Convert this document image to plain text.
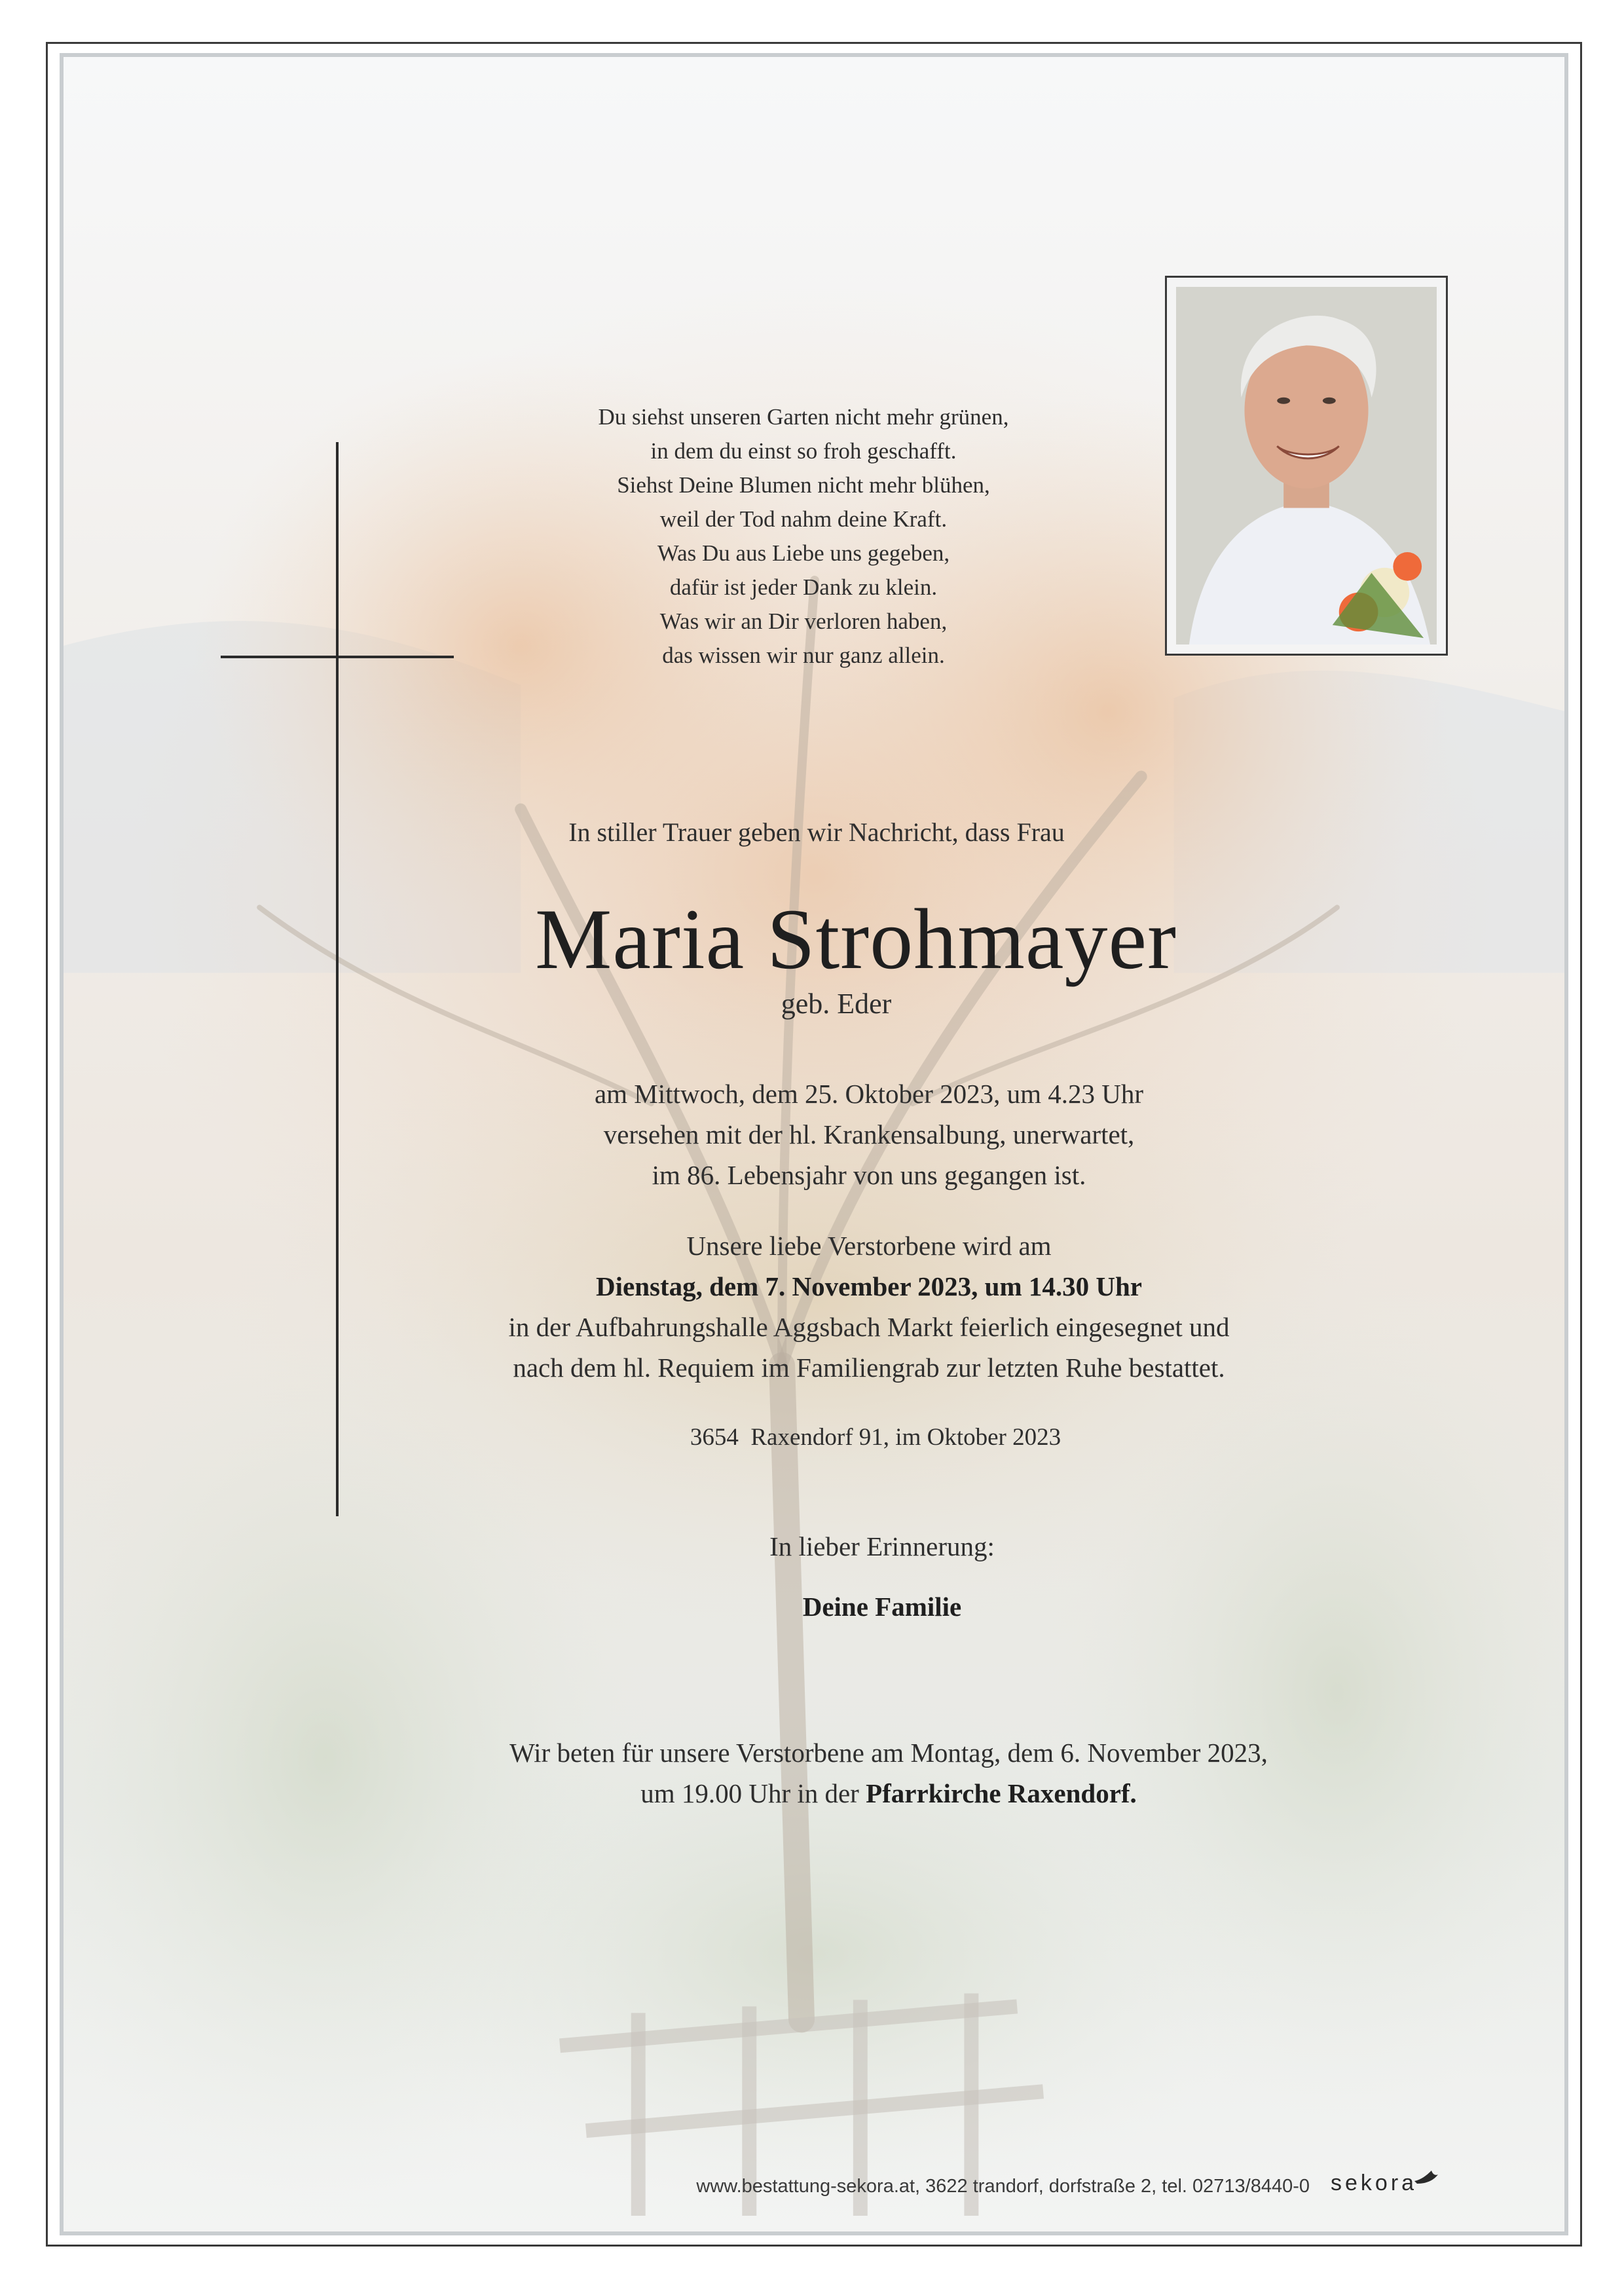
Du siehst unseren Garten nicht mehr grünen,
in dem du einst so froh geschafft.
Siehst Deine Blumen nicht mehr blühen,
weil der Tod nahm deine Kraft.
Was Du aus Liebe uns gegeben,
dafür ist jeder Dank zu klein.
Was wir an Dir verloren haben,
das wissen wir nur ganz allein.
In stiller Trauer geben wir Nachricht, dass Frau
Maria Strohmayer
geb. Eder
am Mittwoch, dem 25. Oktober 2023, um 4.23 Uhr
versehen mit der hl. Krankensalbung, unerwartet,
im 86. Lebensjahr von uns gegangen ist.
Unsere liebe Verstorbene wird am
Dienstag, dem 7. November 2023, um 14.30 Uhr
in der Aufbahrungshalle Aggsbach Markt feierlich eingesegnet und
nach dem hl. Requiem im Familiengrab zur letzten Ruhe bestattet.
3654  Raxendorf 91, im Oktober 2023
In lieber Erinnerung:
Deine Familie
Wir beten für unsere Verstorbene am Montag, dem 6. November 2023,
um 19.00 Uhr in der Pfarrkirche Raxendorf.
www.bestattung-sekora.at, 3622 trandorf, dorfstraße 2, tel. 02713/8440-0 sekora
